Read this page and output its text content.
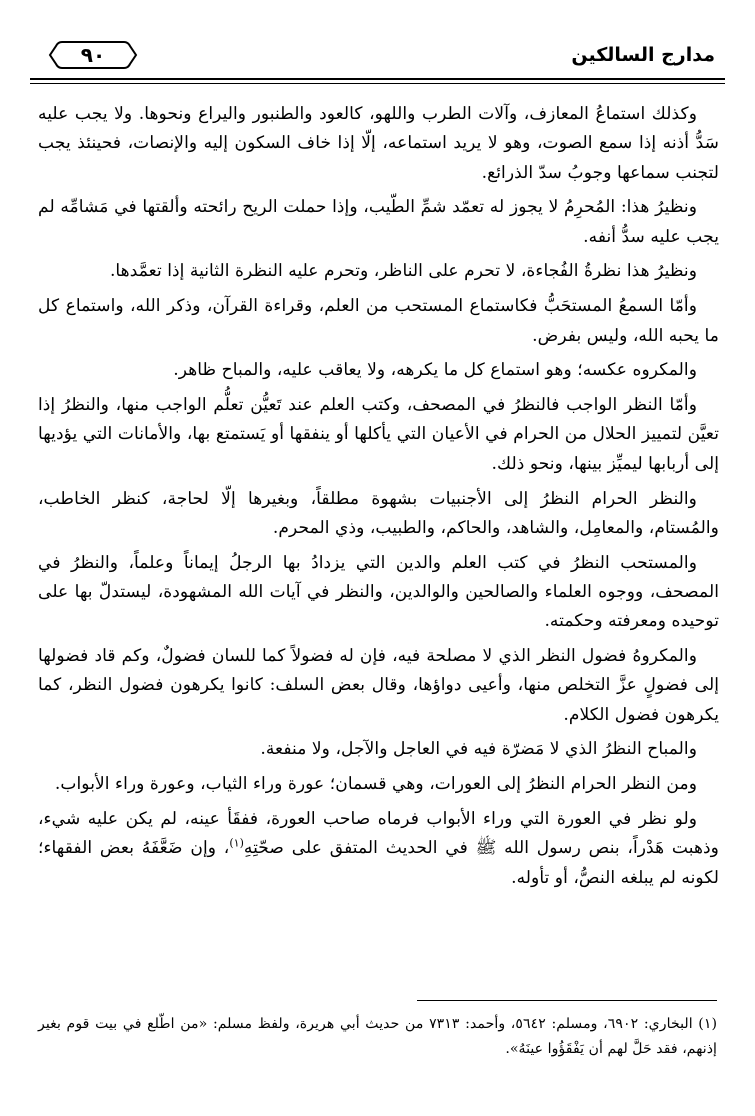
مدارج السالكين
٩٠

وكذلك استماعُ المعازف، وآلات الطرب واللهو، كالعود والطنبور واليراع ونحوها. ولا يجب عليه سَدُّ أذنه إذا سمع الصوت، وهو لا يريد استماعه، إلّا إذا خاف السكون إليه والإنصات، فحينئذ يجب لتجنب سماعها وجوبُ سدّ الذرائع.

ونظيرُ هذا: المُحرِمُ لا يجوز له تعمّد شمِّ الطّيب، وإذا حملت الريح رائحته وألقتها في مَشامِّه لم يجب عليه سدُّ أنفه.

ونظيرُ هذا نظرةُ الفُجاءة، لا تحرم على الناظر، وتحرم عليه النظرة الثانية إذا تعمَّدها.

وأمّا السمعُ المستحَبُّ فكاستماع المستحب من العلم، وقراءة القرآن، وذكر الله، واستماع كل ما يحبه الله، وليس بفرض.

والمكروه عكسه؛ وهو استماع كل ما يكرهه، ولا يعاقب عليه، والمباح ظاهر.

وأمّا النظر الواجب فالنظرُ في المصحف، وكتب العلم عند تَعيُّن تعلُّم الواجب منها، والنظرُ إذا تعيَّن لتمييز الحلال من الحرام في الأعيان التي يأكلها أو ينفقها أو يَستمتع بها، والأمانات التي يؤديها إلى أربابها ليميِّز بينها، ونحو ذلك.

والنظر الحرام النظرُ إلى الأجنبيات بشهوة مطلقاً، وبغيرها إلّا لحاجة، كنظر الخاطب، والمُستام، والمعامِل، والشاهد، والحاكم، والطبيب، وذي المحرم.

والمستحب النظرُ في كتب العلم والدين التي يزدادُ بها الرجلُ إيماناً وعلماً، والنظرُ في المصحف، ووجوه العلماء والصالحين والوالدين، والنظر في آيات الله المشهودة، ليستدلّ بها على توحيده ومعرفته وحكمته.

والمكروهُ فضول النظر الذي لا مصلحة فيه، فإن له فضولاً كما للسان فضولٌ، وكم قاد فضولها إلى فضولٍ عزَّ التخلص منها، وأعيى دواؤها، وقال بعض السلف: كانوا يكرهون فضول النظر، كما يكرهون فضول الكلام.

والمباح النظرُ الذي لا مَضرّة فيه في العاجل والآجل، ولا منفعة.

ومن النظر الحرام النظرُ إلى العورات، وهي قسمان؛ عورة وراء الثياب، وعورة وراء الأبواب.

ولو نظر في العورة التي وراء الأبواب فرماه صاحب العورة، ففقَأ عينه، لم يكن عليه شيء، وذهبت هَدْراً، بنص رسول الله ﷺ في الحديث المتفق على صحّتِهِ$^{(١)}$، وإن ضَعَّفَهُ بعض الفقهاء؛ لكونه لم يبلغه النصُّ، أو تأوله.

(١) البخاري: ٦٩٠٢، ومسلم: ٥٦٤٢، وأحمد: ٧٣١٣ من حديث أبي هريرة، ولفظ مسلم: «من اطّلع في بيت قوم بغير إذنهم، فقد حَلَّ لهم أن يَفْقَؤُوا عينَهُ».
